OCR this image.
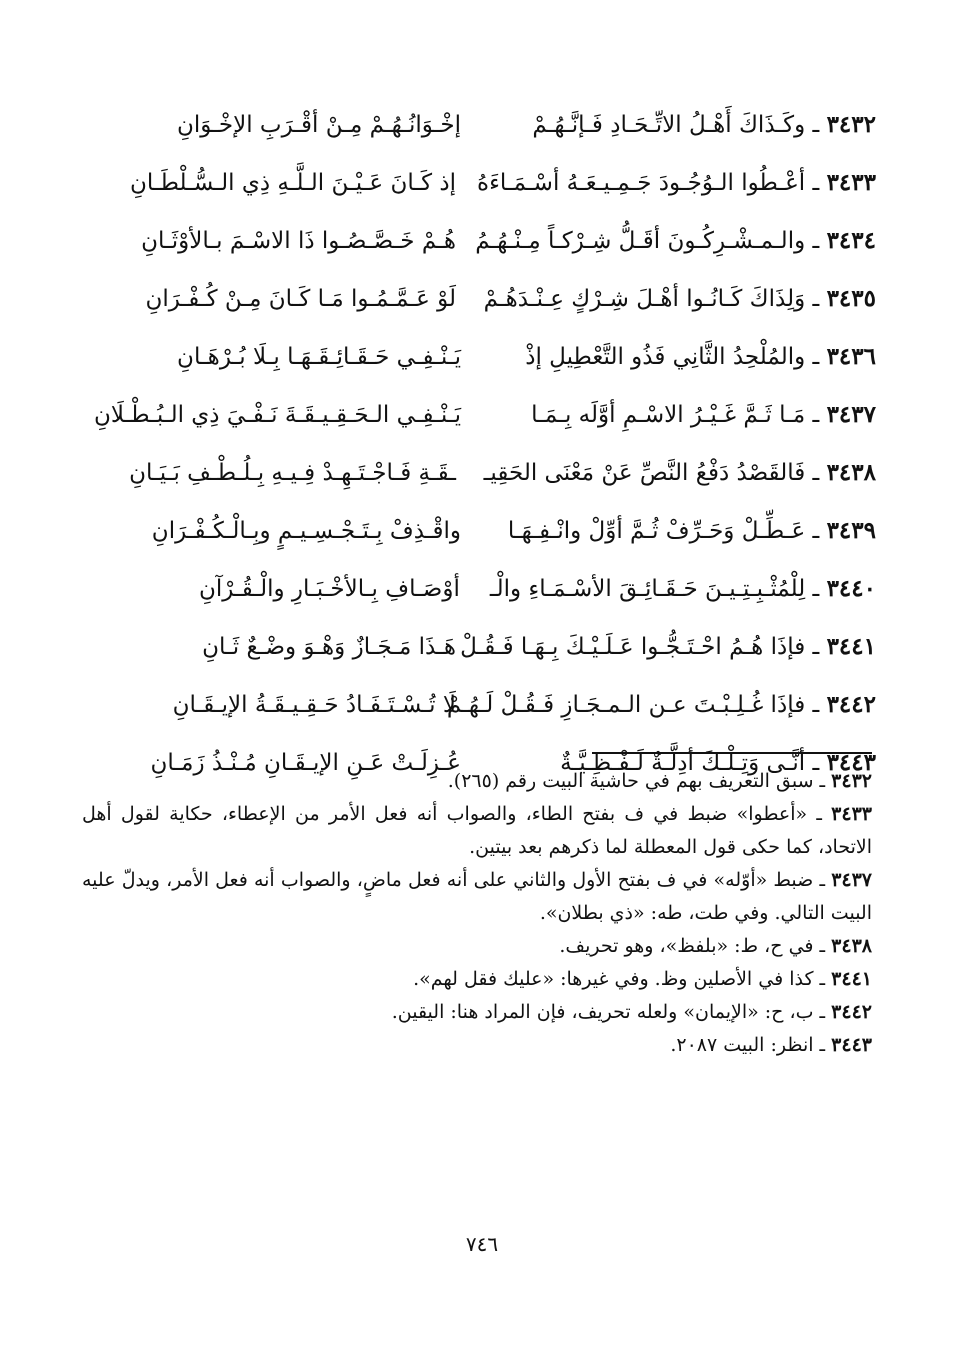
٣٤٣٢ ـ وكَـذَاكَ أَهْـلُ الاتِّـحَـادِ فَـإنَّـهُـمْ
إخْـوَانُـهُـمْ مِـنْ أقْـرَبِ الإخْـوَانِ
٣٤٣٣ ـ أعْـطُوا الـوُجُـودَ جَـمِـيـعَـهُ أسْـمَـاءَهُ
إذ كَـانَ عَـيْـنَ الـلَّـهِ ذِي الـسُّـلْطَـانِ
٣٤٣٤ ـ والـمـشْـرِكُـونَ أقَـلُّ شِـرْكـاً مِـنْـهُـمُ
هُـمْ خَـصَّـصُـوا ذَا الاسْـمَ بـالأوْثَـانِ
٣٤٣٥ ـ وَلِذَاكَ كَـانُـوا أهْـلَ شِـرْكٍ عِـنْـدَهُـمْ
لَوْ عَـمَّـمُـوا مَـا كَـانَ مِـنْ كُـفْـرَانِ
٣٤٣٦ ـ والمُلْحِدُ الثَّانِي فَذُو التَّعْطِيلِ إذْ
يَـنْـفِـي حَـقَـائِـقَـهَـا بِـلَا بُـرْهَـانِ
٣٤٣٧ ـ مَـا ثَـمَّ غَـيْـرُ الاسْـمِ أوَّلَه بِـمَـا
يَـنْـفِـي الـحَـقِـيـقَـةَ نَـفْـيَ ذِي الـبُـطْـلَانِ
٣٤٣٨ ـ فَالقَصْدُ دَفْعُ النَّصِّ عَنْ مَعْنَى الحَقِيـ
ـقَـةِ فَـاجْـتَـهِـدْ فِـيـهِ بِـلُـطْـفِ بَـيَـانِ
٣٤٣٩ ـ عَـطِّـلْ وَحَـرِّفْ ثُـمَّ أوِّلْ وانْـفِـهَـا
واقْـذِفْ بِـتَـجْـسِـيـمٍ وبِـالْـكُـفْـرَانِ
٣٤٤٠ ـ لِلْمُثْـبِـتِـيـنَ حَـقَـائِـقَ الأسْـمَـاءِ والْـ
أوْصَـافِ بِـالأخْـبَـارِ والْـقُـرْآنِ
٣٤٤١ ـ فإذَا هُـمُ احْـتَـجُّـوا عَـلَـيْـكَ بِـهَـا فَـقُـلْ
هَـذَا مَـجَـازٌ وَهْـوَ وضْـعٌ ثَـانِ
٣٤٤٢ ـ فإذَا غُـلِـبْـتَ عـن الـمـجَـازِ فَـقُـلْ لَـهُـمْ
لَا تُـسْـتَـفَـادُ حَـقِـيـقَـةُ الإيـقَـانِ
٣٤٤٣ ـ أنَّـى وَتِـلْـكَ أدِلَّـةٌ لَـفْـظِـيَّـةٌ
عُـزِلَـتْ عَـنِ الإيـقَـانِ مُـنْـذُ زَمَـانِ

٣٤٣٢ ـ سبق التعريف بهم في حاشية البيت رقم (٢٦٥).

٣٤٣٣ ـ «أعطوا» ضبط في ف بفتح الطاء، والصواب أنه فعل الأمر من الإعطاء، حكاية لقول أهل الاتحاد، كما حكى قول المعطلة لما ذكرهم بعد بيتين.

٣٤٣٧ ـ ضبط «أوّله» في ف بفتح الأول والثاني على أنه فعل ماضٍ، والصواب أنه فعل الأمر، ويدلّ عليه البيت التالي. وفي طت، طه: «ذي بطلان».

٣٤٣٨ ـ في ح، ط: «بلفظ»، وهو تحريف.

٣٤٤١ ـ كذا في الأصلين وظ. وفي غيرها: «عليك فقل لهم».

٣٤٤٢ ـ ب، ح: «الإيمان» ولعله تحريف، فإن المراد هنا: اليقين.

٣٤٤٣ ـ انظر: البيت ٢٠٨٧.

٧٤٦
